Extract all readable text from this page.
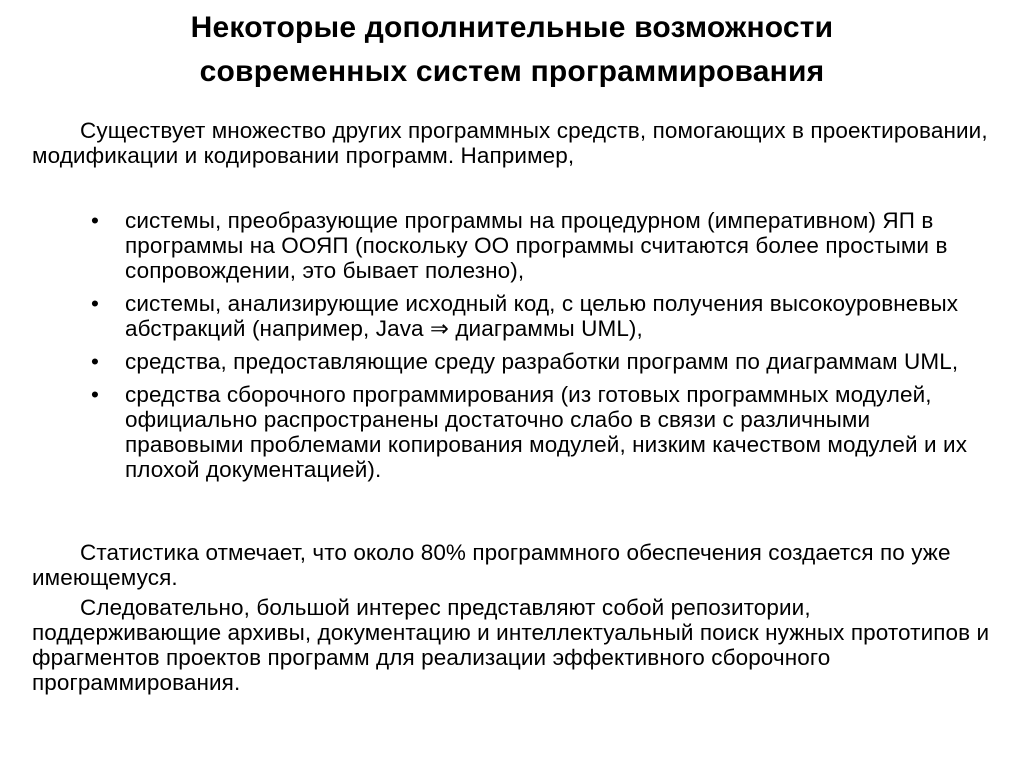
Некоторые дополнительные возможности
современных систем программирования

Существует множество других программных средств, помогающих в проектировании, модификации и кодировании программ. Например,

• системы, преобразующие программы на процедурном (императивном) ЯП в программы на ООЯП (поскольку ОО программы считаются более простыми в сопровождении, это бывает полезно),
• системы, анализирующие исходный код, с целью получения высокоуровневых абстракций (например, Java ⇒ диаграммы UML),
• средства, предоставляющие среду разработки программ по диаграммам UML,
• средства сборочного программирования (из готовых программных модулей, официально распространены достаточно слабо в связи с различными правовыми проблемами копирования модулей, низким качеством модулей и их плохой документацией).

Статистика отмечает, что около 80% программного обеспечения создается по уже имеющемуся.

Следовательно, большой интерес представляют собой репозитории, поддерживающие архивы, документацию и интеллектуальный поиск нужных прототипов и фрагментов проектов программ для реализации эффективного сборочного программирования.
